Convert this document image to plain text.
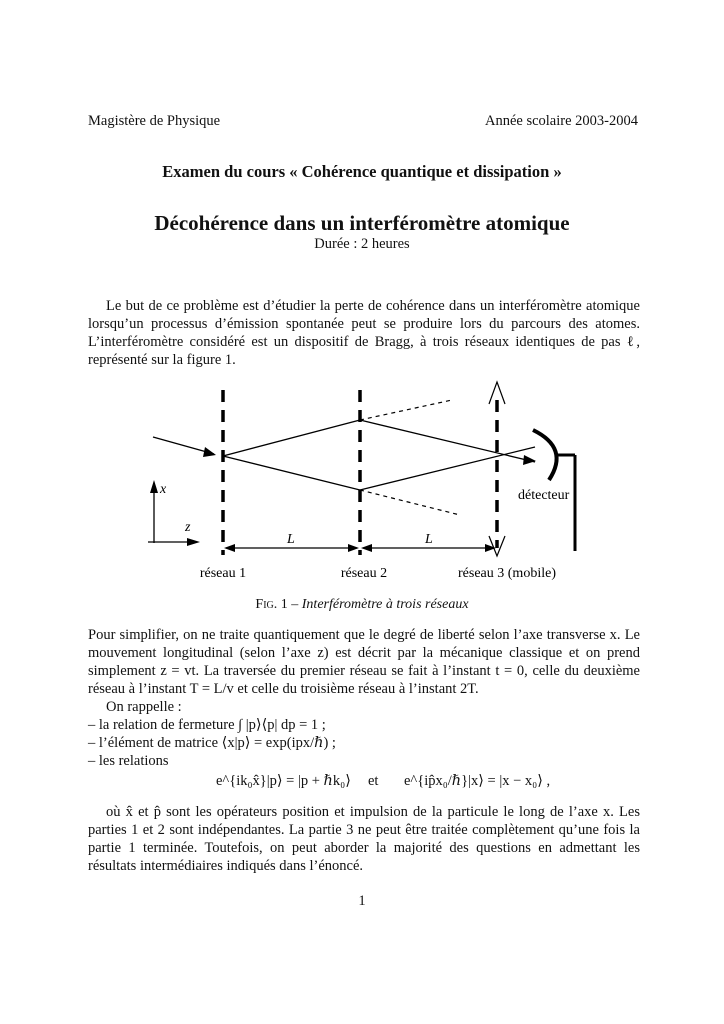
Magistère de Physique	Année scolaire 2003-2004
Examen du cours « Cohérence quantique et dissipation »
Décohérence dans un interféromètre atomique
Durée : 2 heures

Le but de ce problème est d’étudier la perte de cohérence dans un interféromètre atomique lorsqu’un processus d’émission spontanée peut se produire lors du parcours des atomes. L’interféromètre considéré est un dispositif de Bragg, à trois réseaux identiques de pas ℓ, représenté sur la figure 1.

x
z
L	L
réseau 1	réseau 2	réseau 3 (mobile)
détecteur
Fig. 1 – Interféromètre à trois réseaux

Pour simplifier, on ne traite quantiquement que le degré de liberté selon l’axe transverse x. Le mouvement longitudinal (selon l’axe z) est décrit par la mécanique classique et on prend simplement z = vt. La traversée du premier réseau se fait à l’instant t = 0, celle du deuxième réseau à l’instant T = L/v et celle du troisième réseau à l’instant 2T.

On rappelle :
– la relation de fermeture ∫ |p⟩⟨p| dp = 1 ;
– l’élément de matrice ⟨x|p⟩ = exp(ipx/ℏ) ;
– les relations
e^{ik₀x̂}|p⟩ = |p + ℏk₀⟩ et e^{ip̂x₀/ℏ}|x⟩ = |x − x₀⟩ ,

où x̂ et p̂ sont les opérateurs position et impulsion de la particule le long de l’axe x. Les parties 1 et 2 sont indépendantes. La partie 3 ne peut être traitée complètement qu’une fois la partie 1 terminée. Toutefois, on peut aborder la majorité des questions en admettant les résultats intermédiaires indiqués dans l’énoncé.

1
